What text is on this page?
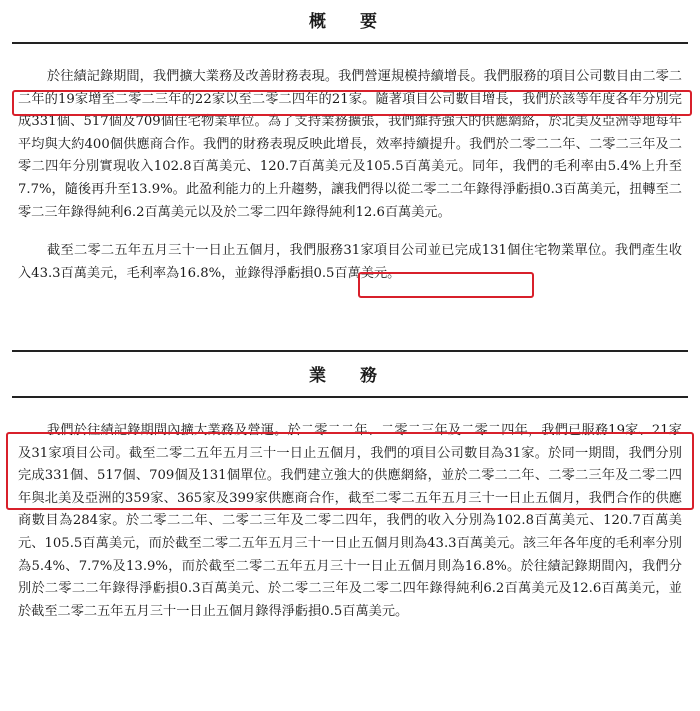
概 要

於往績記錄期間，我們擴大業務及改善財務表現。我們營運規模持續增長。我們服務的項目公司數目由二零二二年的19家增至二零二三年的22家以至二零二四年的21家。隨著項目公司數目增長，我們於該等年度各年分別完成331個、517個及709個住宅物業單位。為了支持業務擴張，我們維持強大的供應網絡，於北美及亞洲等地每年平均與大約400個供應商合作。我們的財務表現反映此增長，效率持續提升。我們於二零二二年、二零二三年及二零二四年分別實現收入102.8百萬美元、120.7百萬美元及105.5百萬美元。同年，我們的毛利率由5.4%上升至7.7%，隨後再升至13.9%。此盈利能力的上升趨勢，讓我們得以從二零二二年錄得淨虧損0.3百萬美元，扭轉至二零二三年錄得純利6.2百萬美元以及於二零二四年錄得純利12.6百萬美元。

截至二零二五年五月三十一日止五個月，我們服務31家項目公司並已完成131個住宅物業單位。我們產生收入43.3百萬美元，毛利率為16.8%，並錄得淨虧損0.5百萬美元。

業 務

我們於往績記錄期間內擴大業務及營運。於二零二二年、二零二三年及二零二四年，我們已服務19家、21家及31家項目公司。截至二零二五年五月三十一日止五個月，我們的項目公司數目為31家。於同一期間，我們分別完成331個、517個、709個及131個單位。我們建立強大的供應網絡，並於二零二二年、二零二三年及二零二四年與北美及亞洲的359家、365家及399家供應商合作，截至二零二五年五月三十一日止五個月，我們合作的供應商數目為284家。於二零二二年、二零二三年及二零二四年，我們的收入分別為102.8百萬美元、120.7百萬美元、105.5百萬美元，而於截至二零二五年五月三十一日止五個月則為43.3百萬美元。該三年各年度的毛利率分別為5.4%、7.7%及13.9%，而於截至二零二五年五月三十一日止五個月則為16.8%。於往績記錄期間內，我們分別於二零二二年錄得淨虧損0.3百萬美元、於二零二三年及二零二四年錄得純利6.2百萬美元及12.6百萬美元，並於截至二零二五年五月三十一日止五個月錄得淨虧損0.5百萬美元。
